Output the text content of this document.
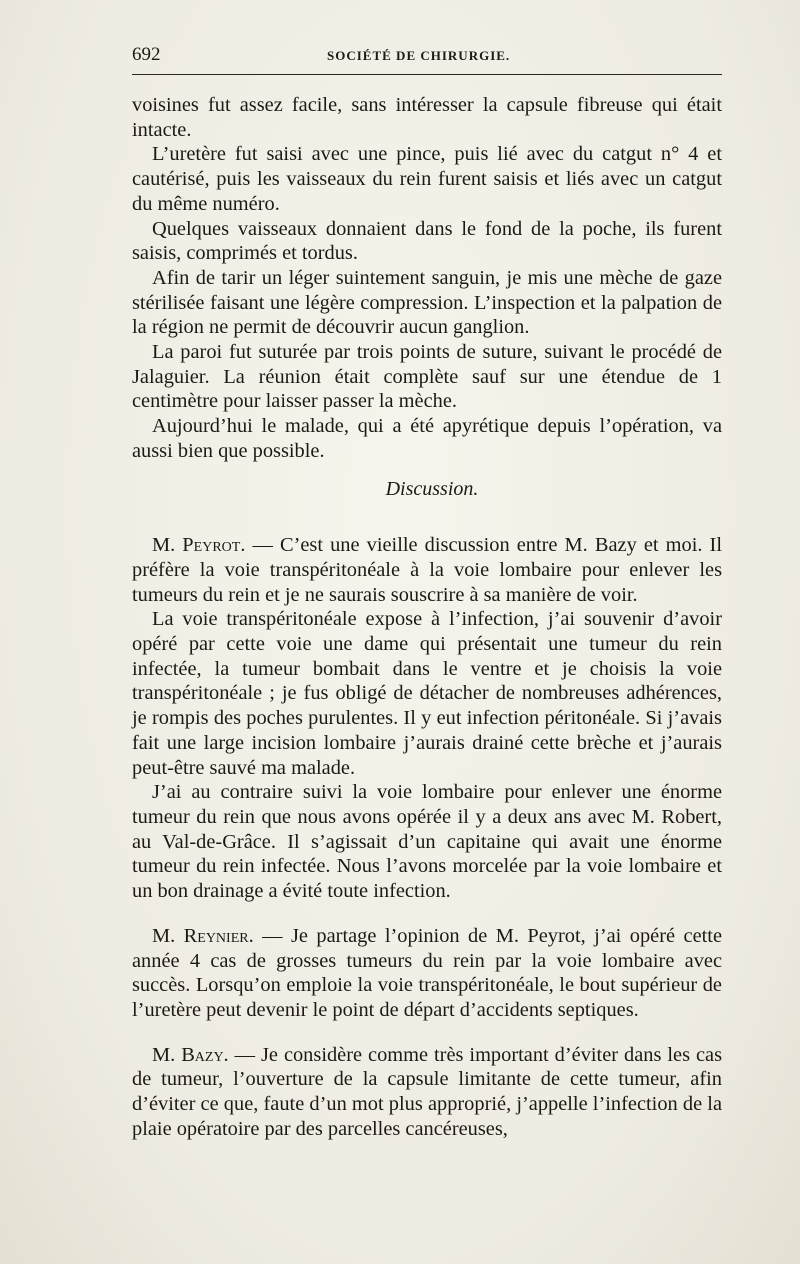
692	SOCIÉTÉ DE CHIRURGIE.

voisines fut assez facile, sans intéresser la capsule fibreuse qui était intacte.

L’uretère fut saisi avec une pince, puis lié avec du catgut n° 4 et cautérisé, puis les vaisseaux du rein furent saisis et liés avec un catgut du même numéro.

Quelques vaisseaux donnaient dans le fond de la poche, ils furent saisis, comprimés et tordus.

Afin de tarir un léger suintement sanguin, je mis une mèche de gaze stérilisée faisant une légère compression. L’inspection et la palpation de la région ne permit de découvrir aucun ganglion.

La paroi fut suturée par trois points de suture, suivant le procédé de Jalaguier. La réunion était complète sauf sur une étendue de 1 centimètre pour laisser passer la mèche.

Aujourd’hui le malade, qui a été apyrétique depuis l’opération, va aussi bien que possible.

Discussion.

M. Peyrot. — C’est une vieille discussion entre M. Bazy et moi. Il préfère la voie transpéritonéale à la voie lombaire pour enlever les tumeurs du rein et je ne saurais souscrire à sa manière de voir.

La voie transpéritonéale expose à l’infection, j’ai souvenir d’avoir opéré par cette voie une dame qui présentait une tumeur du rein infectée, la tumeur bombait dans le ventre et je choisis la voie transpéritonéale ; je fus obligé de détacher de nombreuses adhérences, je rompis des poches purulentes. Il y eut infection péritonéale. Si j’avais fait une large incision lombaire j’aurais drainé cette brèche et j’aurais peut-être sauvé ma malade.

J’ai au contraire suivi la voie lombaire pour enlever une énorme tumeur du rein que nous avons opérée il y a deux ans avec M. Robert, au Val-de-Grâce. Il s’agissait d’un capitaine qui avait une énorme tumeur du rein infectée. Nous l’avons morcelée par la voie lombaire et un bon drainage a évité toute infection.

M. Reynier. — Je partage l’opinion de M. Peyrot, j’ai opéré cette année 4 cas de grosses tumeurs du rein par la voie lombaire avec succès. Lorsqu’on emploie la voie transpéritonéale, le bout supérieur de l’uretère peut devenir le point de départ d’accidents septiques.

M. Bazy. — Je considère comme très important d’éviter dans les cas de tumeur, l’ouverture de la capsule limitante de cette tumeur, afin d’éviter ce que, faute d’un mot plus approprié, j’appelle l’infection de la plaie opératoire par des parcelles cancéreuses,
